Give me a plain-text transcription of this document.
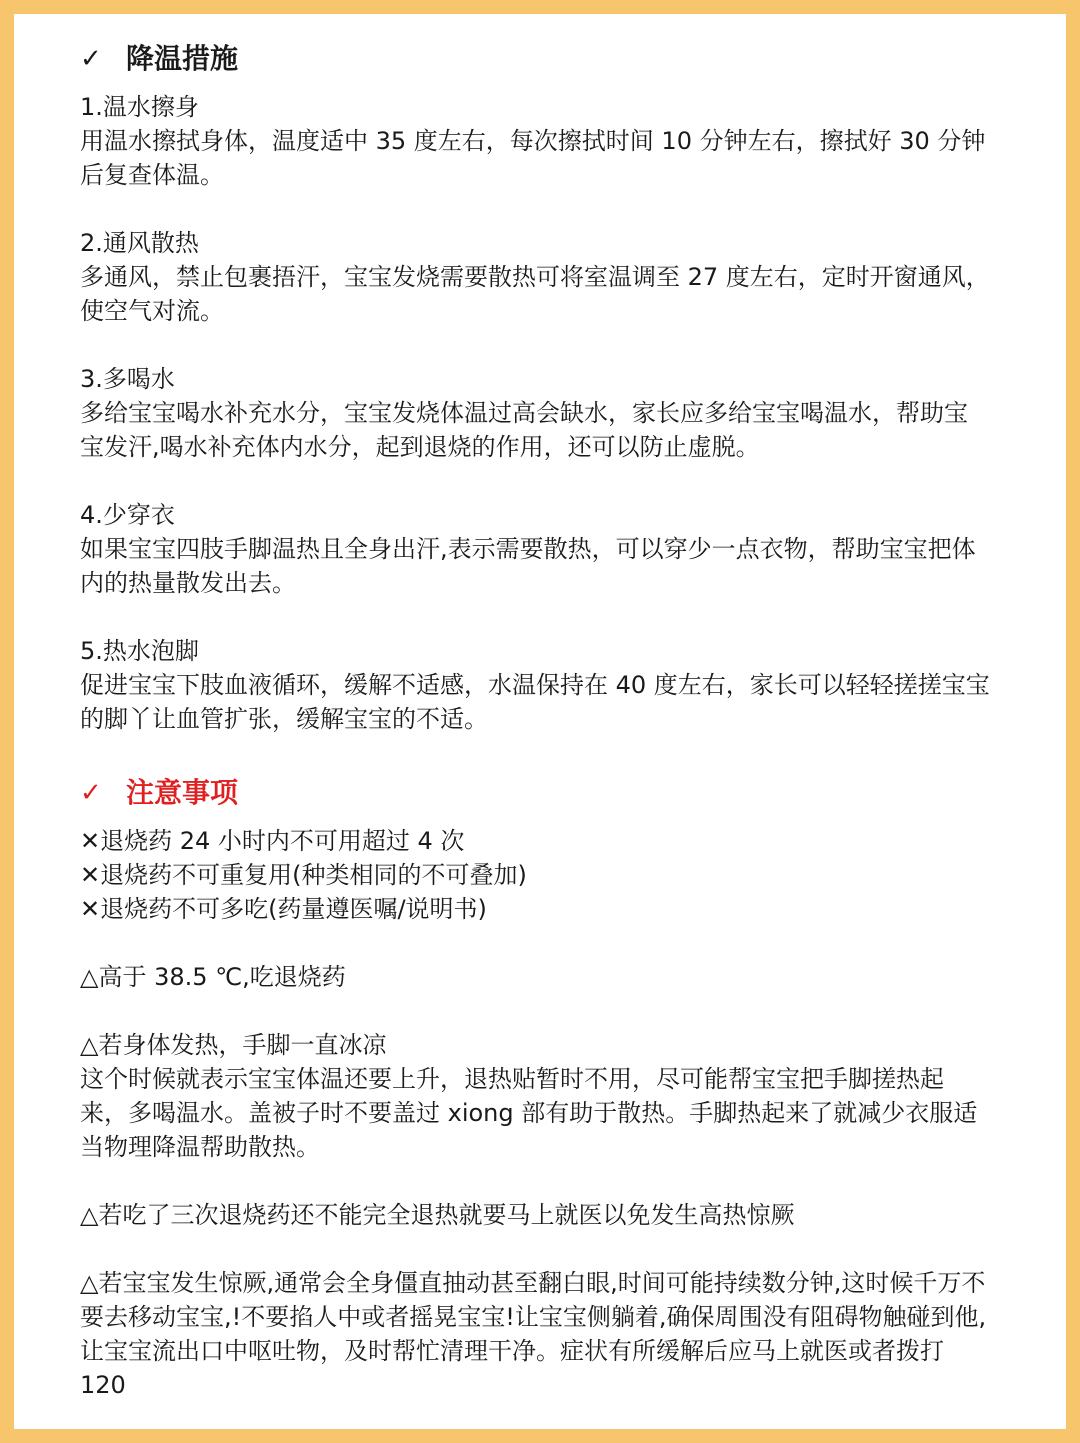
✓ 降温措施
1.温水擦身
用温水擦拭身体，温度适中 35 度左右，每次擦拭时间 10 分钟左右，擦拭好 30 分钟后复查体温。
2.通风散热
多通风，禁止包裹捂汗，宝宝发烧需要散热可将室温调至 27 度左右，定时开窗通风，使空气对流。
3.多喝水
多给宝宝喝水补充水分，宝宝发烧体温过高会缺水，家长应多给宝宝喝温水，帮助宝宝发汗,喝水补充体内水分，起到退烧的作用，还可以防止虚脱。
4.少穿衣
如果宝宝四肢手脚温热且全身出汗,表示需要散热，可以穿少一点衣物，帮助宝宝把体内的热量散发出去。
5.热水泡脚
促进宝宝下肢血液循环，缓解不适感，水温保持在 40 度左右，家长可以轻轻搓搓宝宝的脚丫让血管扩张，缓解宝宝的不适。
✓ 注意事项
✕退烧药 24 小时内不可用超过 4 次
✕退烧药不可重复用(种类相同的不可叠加)
✕退烧药不可多吃(药量遵医嘱/说明书)
△高于 38.5 ℃,吃退烧药
△若身体发热，手脚一直冰凉
这个时候就表示宝宝体温还要上升，退热贴暂时不用，尽可能帮宝宝把手脚搓热起来，多喝温水。盖被子时不要盖过 xiong 部有助于散热。手脚热起来了就减少衣服适当物理降温帮助散热。
△若吃了三次退烧药还不能完全退热就要马上就医以免发生高热惊厥
△若宝宝发生惊厥,通常会全身僵直抽动甚至翻白眼,时间可能持续数分钟,这时候千万不要去移动宝宝,!不要掐人中或者摇晃宝宝!让宝宝侧躺着,确保周围没有阻碍物触碰到他,让宝宝流出口中呕吐物，及时帮忙清理干净。症状有所缓解后应马上就医或者拨打 120
